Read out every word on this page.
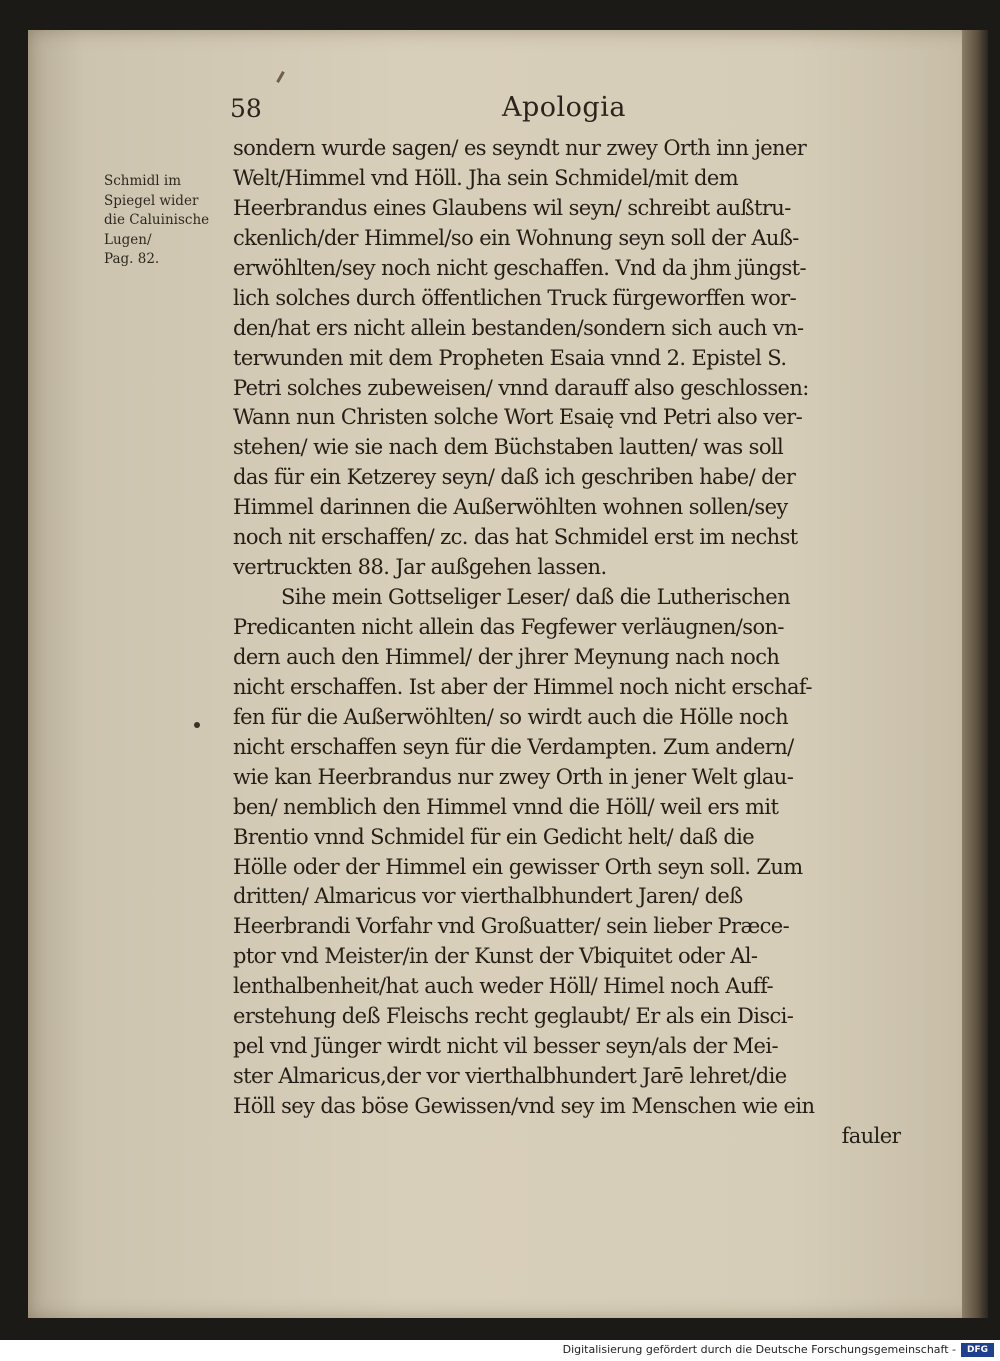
58	Apologia
Schmidl im
Spiegel wider
die Caluinische
Lugen/
Pag. 82.
sondern wurde sagen/ es seyndt nur zwey Orth inn jener
Welt/Himmel vnd Höll. Jha sein Schmidel/mit dem
Heerbrandus eines Glaubens wil seyn/ schreibt außtru-
ckenlich/der Himmel/so ein Wohnung seyn soll der Auß-
erwöhlten/sey noch nicht geschaffen. Vnd da jhm jüngst-
lich solches durch öffentlichen Truck fürgeworffen wor-
den/hat ers nicht allein bestanden/sondern sich auch vn-
terwunden mit dem Propheten Esaia vnnd 2. Epistel S.
Petri solches zubeweisen/ vnnd darauff also geschlossen:
Wann nun Christen solche Wort Esaię vnd Petri also ver-
stehen/ wie sie nach dem Büchstaben lautten/ was soll
das für ein Ketzerey seyn/ daß ich geschriben habe/ der
Himmel darinnen die Außerwöhlten wohnen sollen/sey
noch nit erschaffen/ zc. das hat Schmidel erst im nechst
vertruckten 88. Jar außgehen lassen.
Sihe mein Gottseliger Leser/ daß die Lutherischen
Predicanten nicht allein das Fegfewer verläugnen/son-
dern auch den Himmel/ der jhrer Meynung nach noch
nicht erschaffen. Ist aber der Himmel noch nicht erschaf-
fen für die Außerwöhlten/ so wirdt auch die Hölle noch
nicht erschaffen seyn für die Verdampten. Zum andern/
wie kan Heerbrandus nur zwey Orth in jener Welt glau-
ben/ nemblich den Himmel vnnd die Höll/ weil ers mit
Brentio vnnd Schmidel für ein Gedicht helt/ daß die
Hölle oder der Himmel ein gewisser Orth seyn soll. Zum
dritten/ Almaricus vor vierthalbhundert Jaren/ deß
Heerbrandi Vorfahr vnd Großuatter/ sein lieber Præce-
ptor vnd Meister/in der Kunst der Vbiquitet oder Al-
lenthalbenheit/hat auch weder Höll/ Himel noch Auff-
erstehung deß Fleischs recht geglaubt/ Er als ein Disci-
pel vnd Jünger wirdt nicht vil besser seyn/als der Mei-
ster Almaricus,der vor vierthalbhundert Jarē lehret/die
Höll sey das böse Gewissen/vnd sey im Menschen wie ein
fauler
Digitalisierung gefördert durch die Deutsche Forschungsgemeinschaft -	DFG
